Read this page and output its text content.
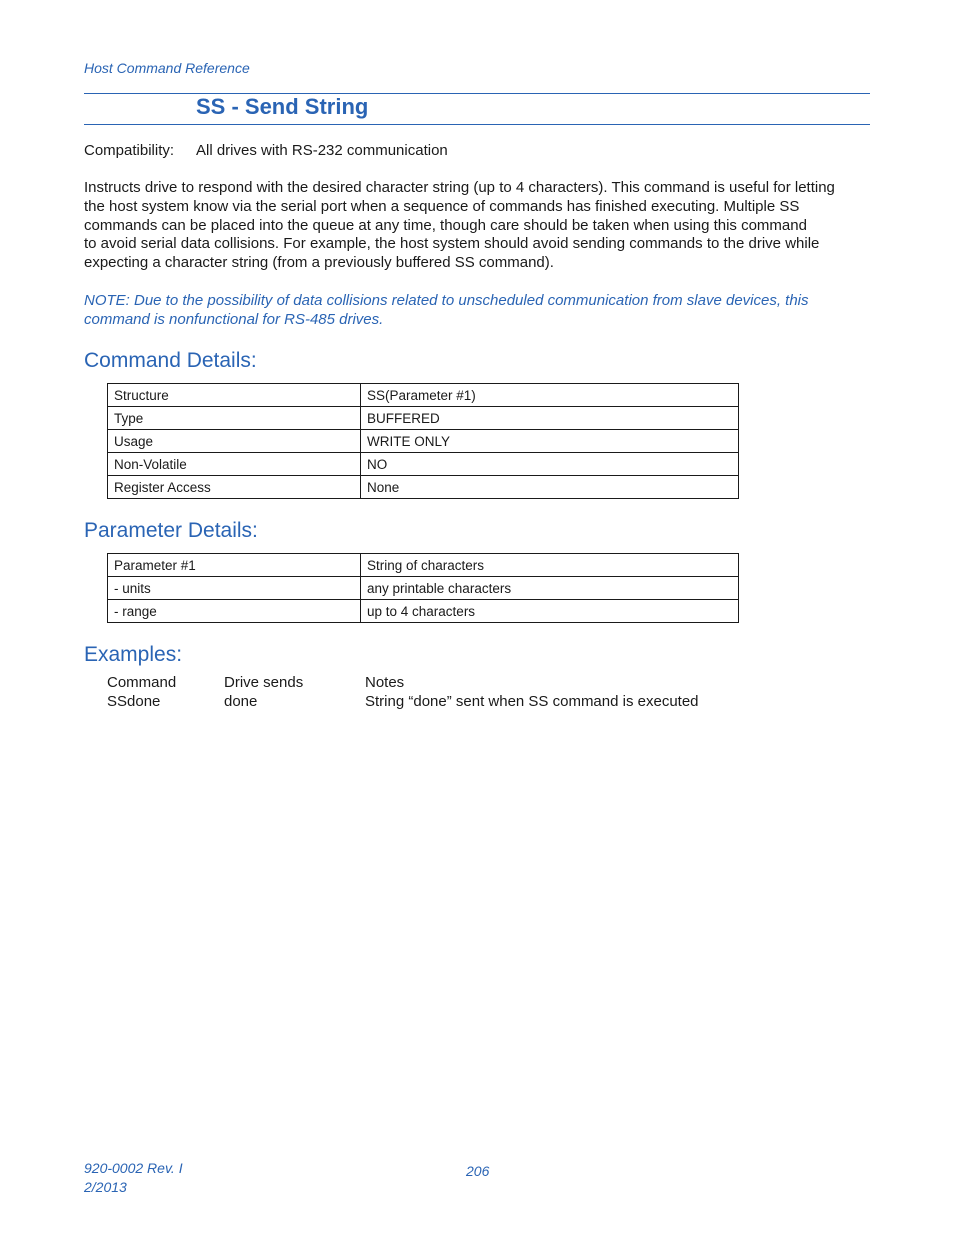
Host Command Reference
SS - Send String
Compatibility: All drives with RS-232 communication
Instructs drive to respond with the desired character string (up to 4 characters). This command is useful for letting
the host system know via the serial port when a sequence of commands has finished executing. Multiple SS
commands can be placed into the queue at any time, though care should be taken when using this command
to avoid serial data collisions. For example, the host system should avoid sending commands to the drive while
expecting a character string (from a previously buffered SS command).
NOTE: Due to the possibility of data collisions related to unscheduled communication from slave devices, this
command is nonfunctional for RS-485 drives.
Command Details:
Structure	SS(Parameter #1)
Type	BUFFERED
Usage	WRITE ONLY
Non-Volatile	NO
Register Access	None
Parameter Details:
Parameter #1	String of characters
- units	any printable characters
- range	up to 4 characters
Examples:
Command	Drive sends	Notes
SSdone	done	String “done” sent when SS command is executed
920-0002 Rev. I
2/2013
206
